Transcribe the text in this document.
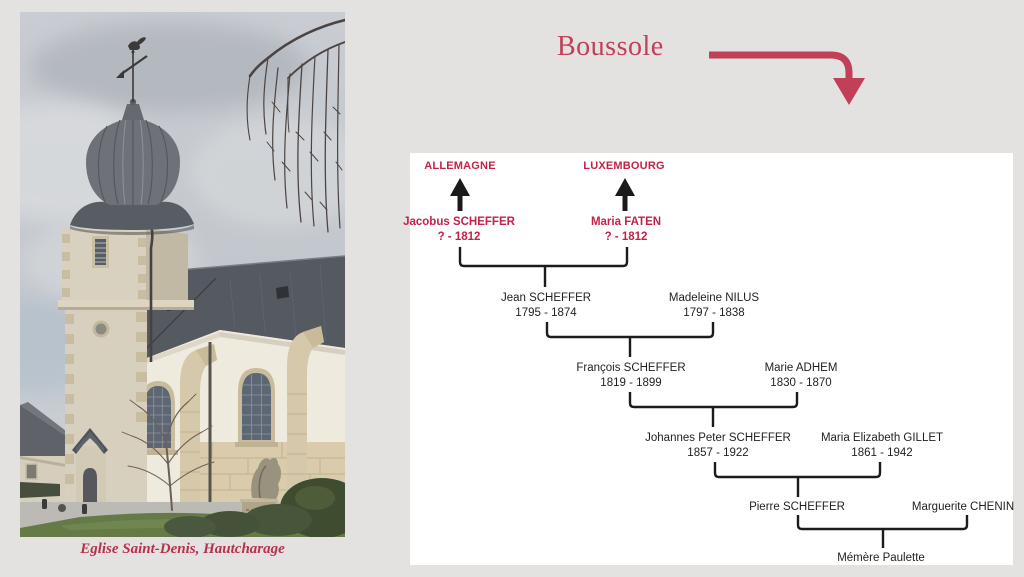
Eglise Saint-Denis, Hautcharage
Boussole
ALLEMAGNE	LUXEMBOURG
Jacobus SCHEFFER
? - 1812
Maria FATEN
? - 1812
Jean SCHEFFER
1795 - 1874
Madeleine NILUS
1797 - 1838
François SCHEFFER
1819 - 1899
Marie ADHEM
1830 - 1870
Johannes Peter SCHEFFER
1857 - 1922
Maria Elizabeth GILLET
1861 - 1942
Pierre SCHEFFER	Marguerite CHENIN
Mémère Paulette
